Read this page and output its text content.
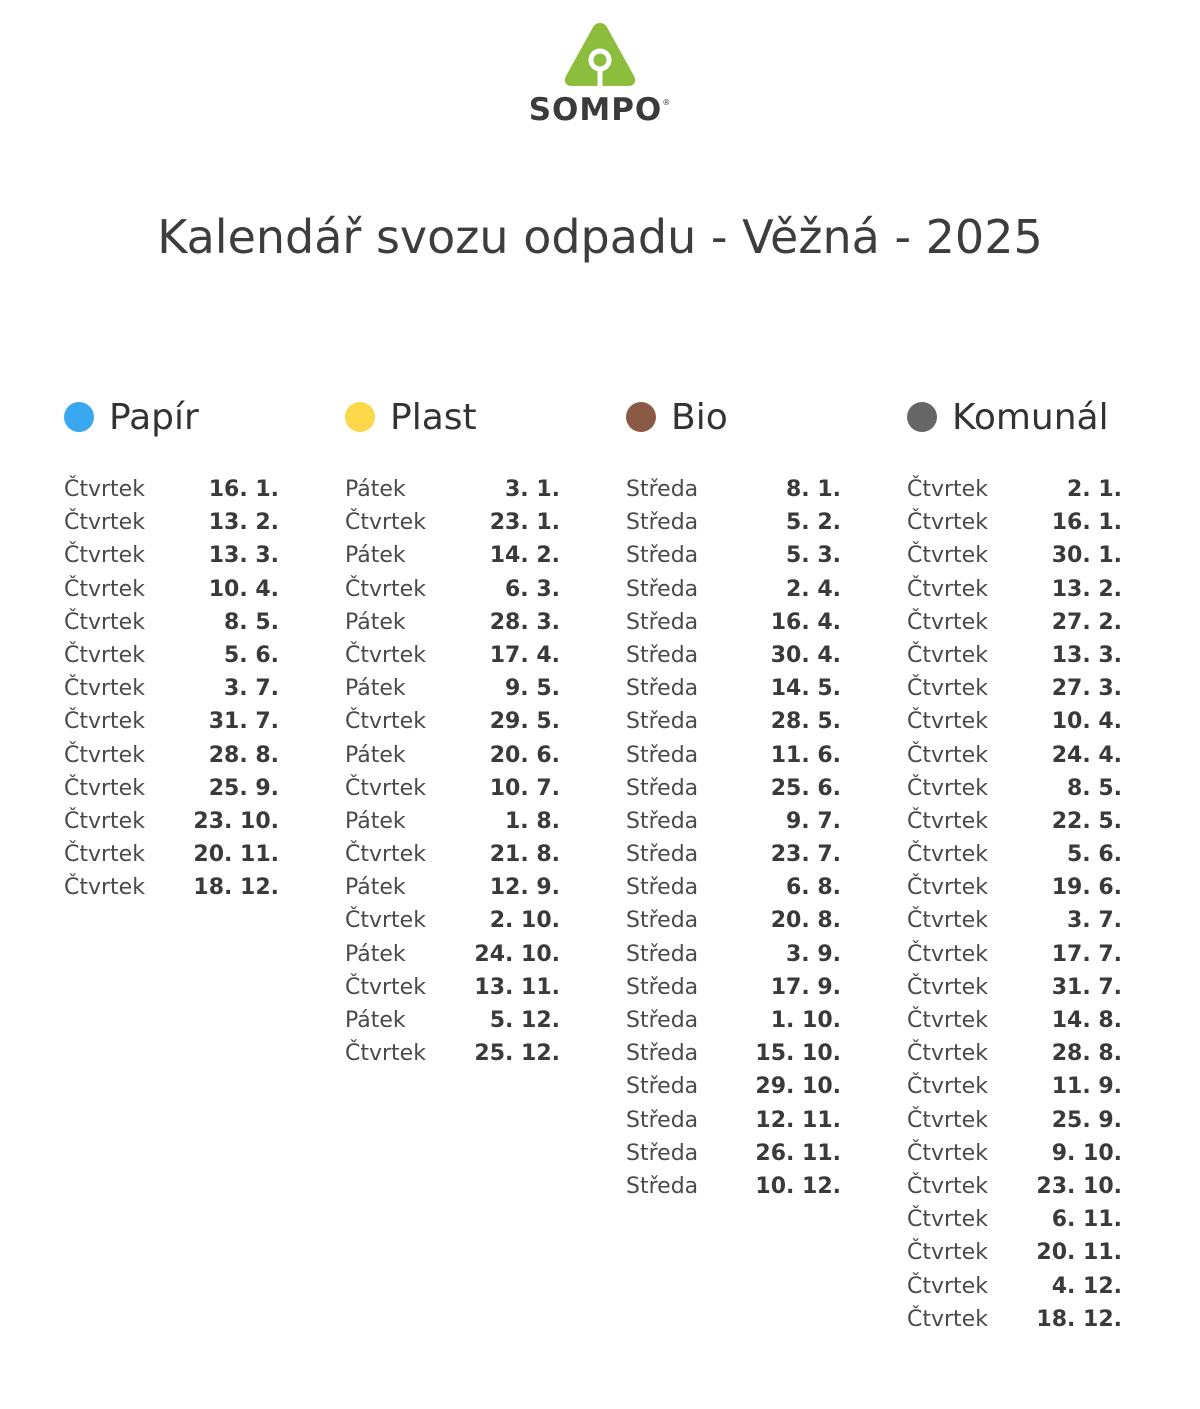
SOMPO®
Kalendář svozu odpadu - Věžná - 2025
Papír
Čtvrtek	16. 1.
Čtvrtek	13. 2.
Čtvrtek	13. 3.
Čtvrtek	10. 4.
Čtvrtek	8. 5.
Čtvrtek	5. 6.
Čtvrtek	3. 7.
Čtvrtek	31. 7.
Čtvrtek	28. 8.
Čtvrtek	25. 9.
Čtvrtek 23. 10.
Čtvrtek 20. 11.
Čtvrtek 18. 12.
Plast
Pátek	3. 1.
Čtvrtek	23. 1.
Pátek	14. 2.
Čtvrtek	6. 3.
Pátek	28. 3.
Čtvrtek	17. 4.
Pátek	9. 5.
Čtvrtek	29. 5.
Pátek	20. 6.
Čtvrtek	10. 7.
Pátek	1. 8.
Čtvrtek	21. 8.
Pátek	12. 9.
Čtvrtek	2. 10.
Pátek	24. 10.
Čtvrtek 13. 11.
Pátek	5. 12.
Čtvrtek 25. 12.
Bio
Středa	8. 1.
Středa	5. 2.
Středa	5. 3.
Středa	2. 4.
Středa	16. 4.
Středa	30. 4.
Středa	14. 5.
Středa	28. 5.
Středa	11. 6.
Středa	25. 6.
Středa	9. 7.
Středa	23. 7.
Středa	6. 8.
Středa	20. 8.
Středa	3. 9.
Středa	17. 9.
Středa	1. 10.
Středa	15. 10.
Středa	29. 10.
Středa	12. 11.
Středa	26. 11.
Středa	10. 12.
Komunál
Čtvrtek	2. 1.
Čtvrtek	16. 1.
Čtvrtek	30. 1.
Čtvrtek	13. 2.
Čtvrtek	27. 2.
Čtvrtek	13. 3.
Čtvrtek	27. 3.
Čtvrtek	10. 4.
Čtvrtek	24. 4.
Čtvrtek	8. 5.
Čtvrtek	22. 5.
Čtvrtek	5. 6.
Čtvrtek	19. 6.
Čtvrtek	3. 7.
Čtvrtek	17. 7.
Čtvrtek	31. 7.
Čtvrtek	14. 8.
Čtvrtek	28. 8.
Čtvrtek	11. 9.
Čtvrtek	25. 9.
Čtvrtek	9. 10.
Čtvrtek 23. 10.
Čtvrtek	6. 11.
Čtvrtek 20. 11.
Čtvrtek	4. 12.
Čtvrtek 18. 12.
